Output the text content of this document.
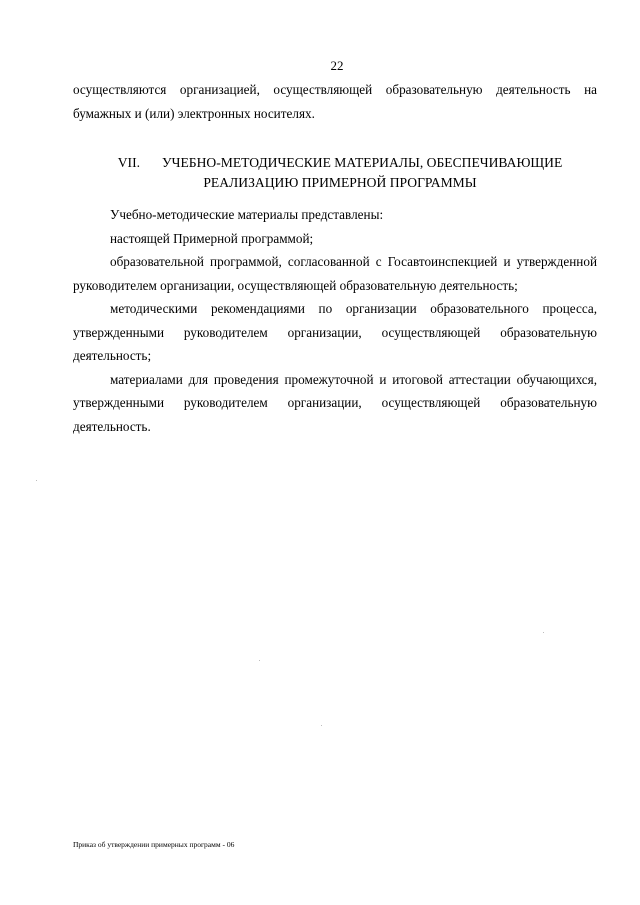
22

осуществляются организацией, осуществляющей образовательную деятельность на бумажных и (или) электронных носителях.

VII. УЧЕБНО-МЕТОДИЧЕСКИЕ МАТЕРИАЛЫ, ОБЕСПЕЧИВАЮЩИЕ
РЕАЛИЗАЦИЮ ПРИМЕРНОЙ ПРОГРАММЫ

Учебно-методические материалы представлены:

настоящей Примерной программой;

образовательной программой, согласованной с Госавтоинспекцией и утвержденной руководителем организации, осуществляющей образовательную деятельность;

методическими рекомендациями по организации образовательного процесса, утвержденными руководителем организации, осуществляющей образовательную деятельность;

материалами для проведения промежуточной и итоговой аттестации обучающихся, утвержденными руководителем организации, осуществляющей образовательную деятельность.

Приказ об утверждении примерных программ - 06
